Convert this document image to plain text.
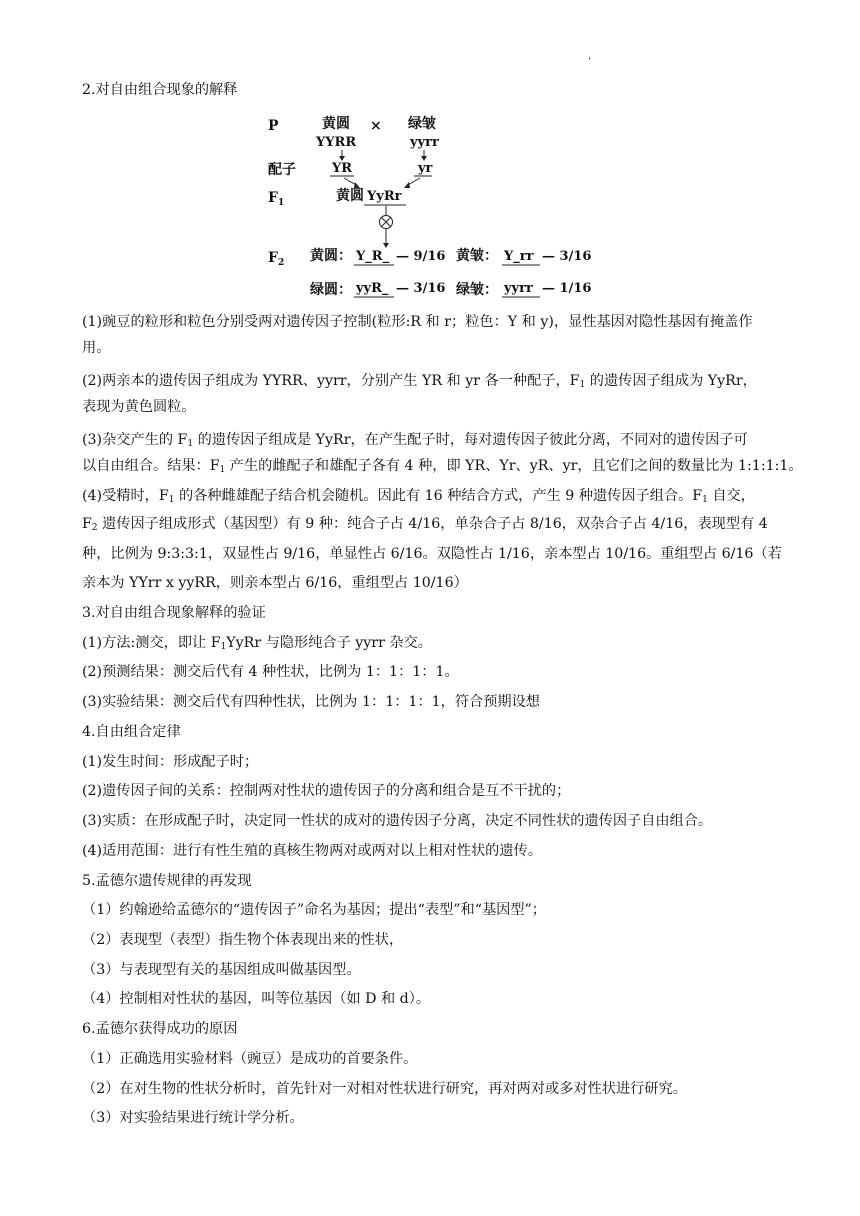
'
2.对自由组合现象的解释
P	黄圆
YYRR
× 绿皱
yyrr
配子	YR	yr
$F_1$	黄圆 YyRr
$F_2$ 黄圆： Y_R_ — 9/16 黄皱： Y_rr — 3/16
绿圆： yyR_ — 3/16 绿皱： yyrr — 1/16
(1)豌豆的粒形和粒色分别受两对遗传因子控制(粒形:R 和 r；粒色：Y 和 y)，显性基因对隐性基因有掩盖作
用。
(2)两亲本的遗传因子组成为 YYRR、yyrr，分别产生 YR 和 yr 各一种配子，$F_1$ 的遗传因子组成为 YyRr，
表现为黄色圆粒。
(3)杂交产生的 $F_1$ 的遗传因子组成是 YyRr，在产生配子时，每对遗传因子彼此分离，不同对的遗传因子可
以自由组合。结果：$F_1$ 产生的雌配子和雄配子各有 4 种，即 YR、Yr、yR、yr，且它们之间的数量比为 1:1:1:1。
(4)受精时，$F_1$ 的各种雌雄配子结合机会随机。因此有 16 种结合方式，产生 9 种遗传因子组合。$F_1$ 自交，
$F_2$ 遗传因子组成形式（基因型）有 9 种：纯合子占 4/16，单杂合子占 8/16，双杂合子占 4/16，表现型有 4
种，比例为 9:3:3:1，双显性占 9/16，单显性占 6/16。双隐性占 1/16，亲本型占 10/16。重组型占 6/16（若
亲本为 YYrr x yyRR，则亲本型占 6/16，重组型占 10/16）
3.对自由组合现象解释的验证
(1)方法:测交，即让 $F_1YyRr$ 与隐形纯合子 yyrr 杂交。
(2)预测结果：测交后代有 4 种性状，比例为 1：1：1：1。
(3)实验结果：测交后代有四种性状，比例为 1：1：1：1，符合预期设想
4.自由组合定律
(1)发生时间：形成配子时；
(2)遗传因子间的关系：控制两对性状的遗传因子的分离和组合是互不干扰的；
(3)实质：在形成配子时，决定同一性状的成对的遗传因子分离，决定不同性状的遗传因子自由组合。
(4)适用范围：进行有性生殖的真核生物两对或两对以上相对性状的遗传。
5.孟德尔遗传规律的再发现
（1）约翰逊给孟德尔的“遗传因子”命名为基因；提出“表型”和“基因型”；
（2）表现型（表型）指生物个体表现出来的性状，
（3）与表现型有关的基因组成叫做基因型。
（4）控制相对性状的基因，叫等位基因（如 D 和 d）。
6.孟德尔获得成功的原因
（1）正确选用实验材料（豌豆）是成功的首要条件。
（2）在对生物的性状分析时，首先针对一对相对性状进行研究，再对两对或多对性状进行研究。
（3）对实验结果进行统计学分析。
